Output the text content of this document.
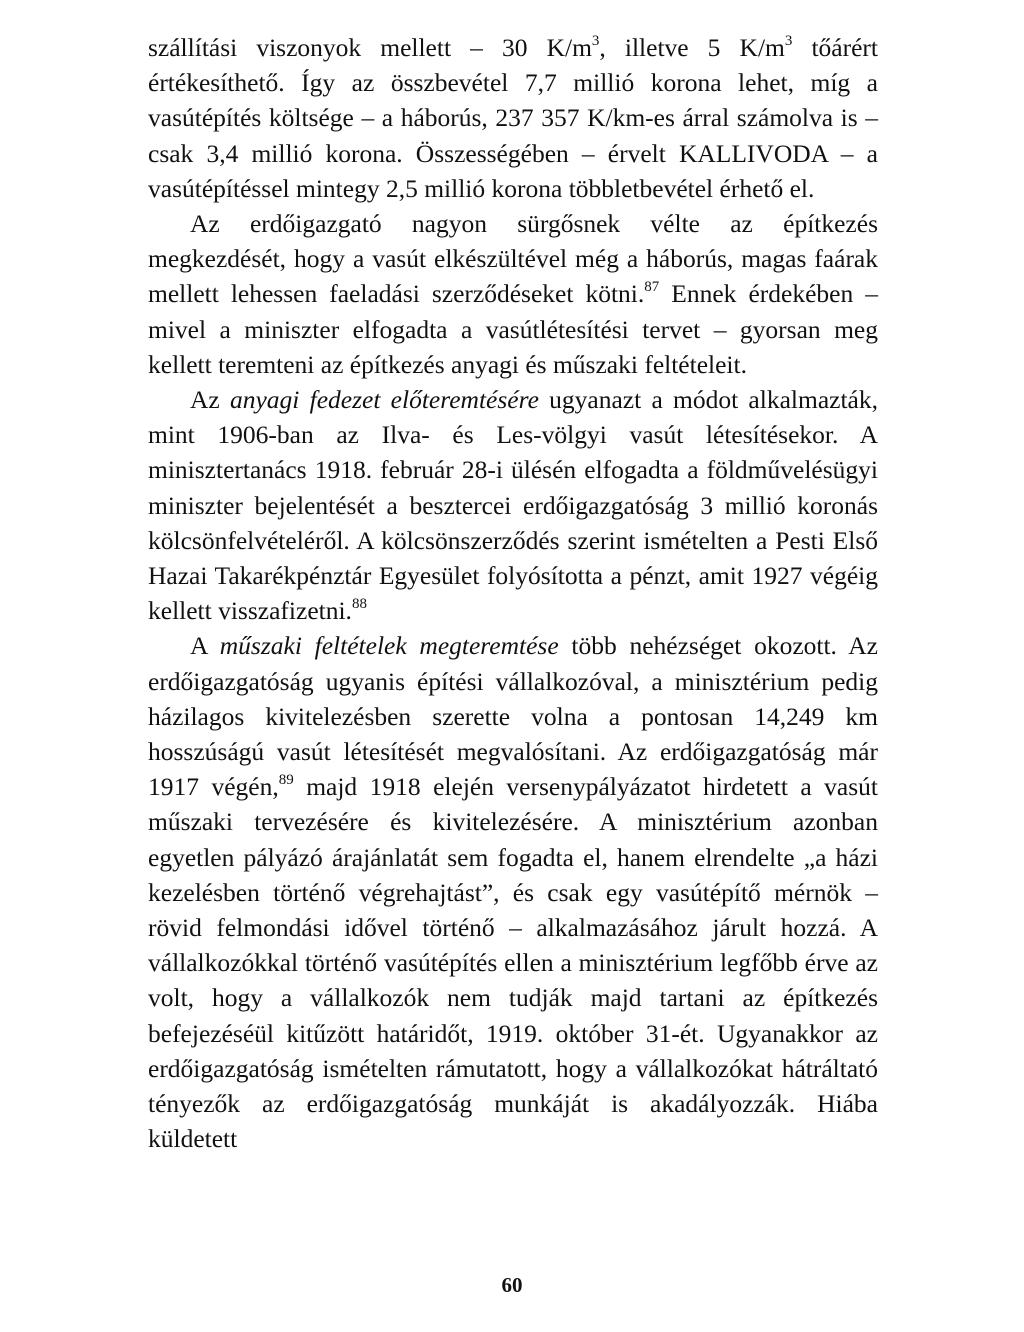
szállítási viszonyok mellett – 30 $K/m^3$, illetve 5 $K/m^3$ tőárért értékesíthető. Így az összbevétel 7,7 millió korona lehet, míg a vasútépítés költsége – a háborús, 237 357 K/km-es árral számolva is – csak 3,4 millió korona. Összességében – érvelt KALLIVODA – a vasútépítéssel mintegy 2,5 millió korona többletbevétel érhető el.

Az erdőigazgató nagyon sürgősnek vélte az építkezés megkezdését, hogy a vasút elkészültével még a háborús, magas faárak mellett lehessen faeladási szerződéseket kötni.$^{87}$ Ennek érdekében – mivel a miniszter elfogadta a vasútlétesítési tervet – gyorsan meg kellett teremteni az építkezés anyagi és műszaki feltételeit.

Az anyagi fedezet előteremtésére ugyanazt a módot alkalmazták, mint 1906-ban az Ilva- és Les-völgyi vasút létesítésekor. A minisztertanács 1918. február 28-i ülésén elfogadta a földművelésügyi miniszter bejelentését a besztercei erdőigazgatóság 3 millió koronás kölcsönfelvételéről. A kölcsönszerződés szerint ismételten a Pesti Első Hazai Takarékpénztár Egyesület folyósította a pénzt, amit 1927 végéig kellett visszafizetni.$^{88}$

A műszaki feltételek megteremtése több nehézséget okozott. Az erdőigazgatóság ugyanis építési vállalkozóval, a minisztérium pedig házilagos kivitelezésben szerette volna a pontosan 14,249 km hosszúságú vasút létesítését megvalósítani. Az erdőigazgatóság már 1917 végén,$^{89}$ majd 1918 elején versenypályázatot hirdetett a vasút műszaki tervezésére és kivitelezésére. A minisztérium azonban egyetlen pályázó árajánlatát sem fogadta el, hanem elrendelte „a házi kezelésben történő végrehajtást”, és csak egy vasútépítő mérnök – rövid felmondási idővel történő – alkalmazásához járult hozzá. A vállalkozókkal történő vasútépítés ellen a minisztérium legfőbb érve az volt, hogy a vállalkozók nem tudják majd tartani az építkezés befejezéséül kitűzött határidőt, 1919. október 31-ét. Ugyanakkor az erdőigazgatóság ismételten rámutatott, hogy a vállalkozókat hátráltató tényezők az erdőigazgatóság munkáját is akadályozzák. Hiába küldetett

60
